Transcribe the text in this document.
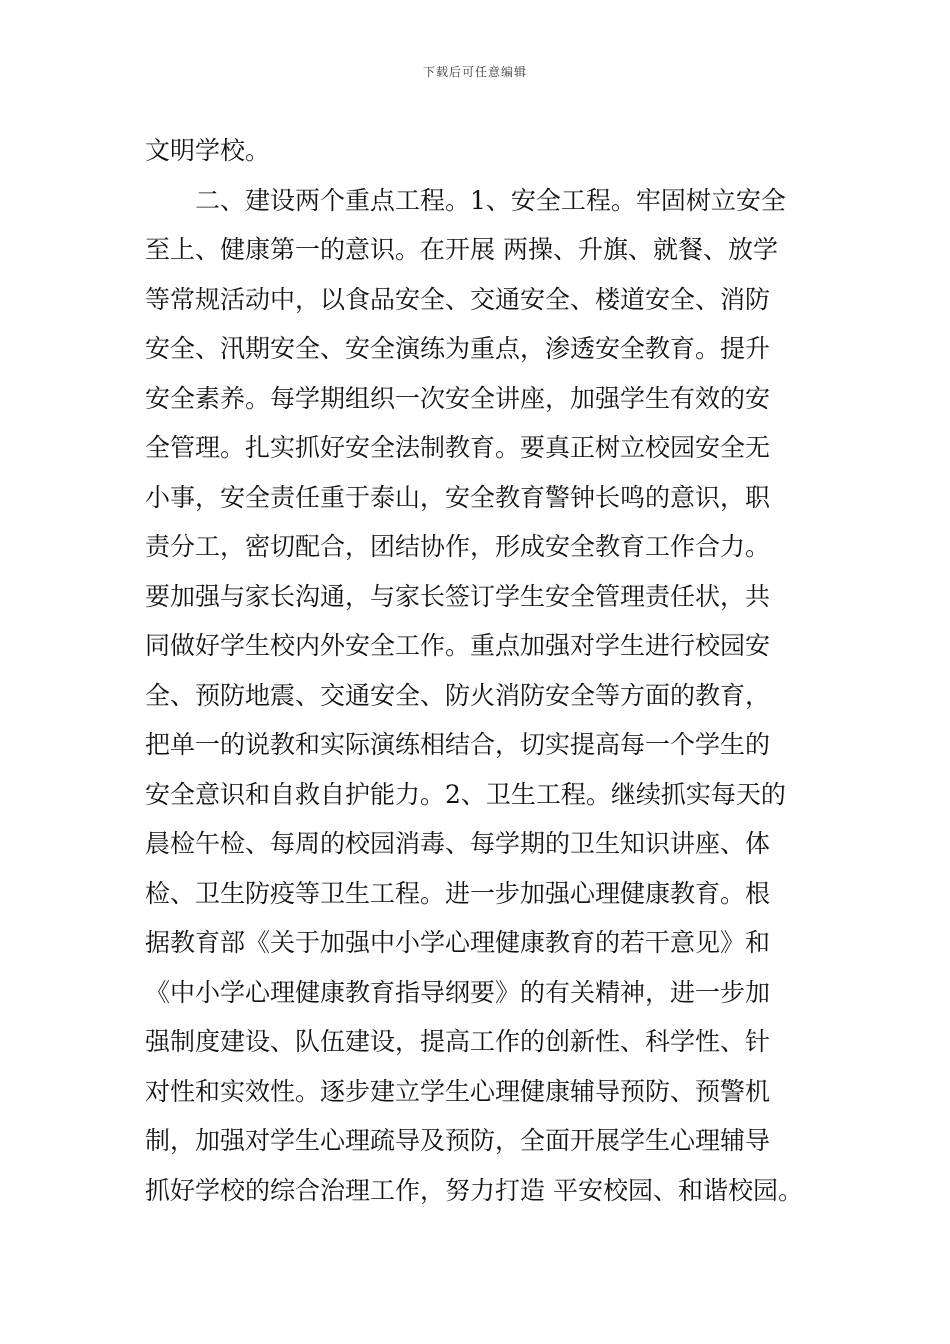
下载后可任意编辑
文明学校。
二、建设两个重点工程。1、安全工程。牢固树立安全
至上、健康第一的意识。在开展 两操、升旗、就餐、放学
等常规活动中，以食品安全、交通安全、楼道安全、消防
安全、汛期安全、安全演练为重点，渗透安全教育。提升
安全素养。每学期组织一次安全讲座，加强学生有效的安
全管理。扎实抓好安全法制教育。要真正树立校园安全无
小事，安全责任重于泰山，安全教育警钟长鸣的意识，职
责分工，密切配合，团结协作，形成安全教育工作合力。
要加强与家长沟通，与家长签订学生安全管理责任状，共
同做好学生校内外安全工作。重点加强对学生进行校园安
全、预防地震、交通安全、防火消防安全等方面的教育，
把单一的说教和实际演练相结合，切实提高每一个学生的
安全意识和自救自护能力。2、卫生工程。继续抓实每天的
晨检午检、每周的校园消毒、每学期的卫生知识讲座、体
检、卫生防疫等卫生工程。进一步加强心理健康教育。根
据教育部《关于加强中小学心理健康教育的若干意见》和
《中小学心理健康教育指导纲要》的有关精神，进一步加
强制度建设、队伍建设，提高工作的创新性、科学性、针
对性和实效性。逐步建立学生心理健康辅导预防、预警机
制，加强对学生心理疏导及预防，全面开展学生心理辅导
抓好学校的综合治理工作，努力打造 平安校园、和谐校园。
